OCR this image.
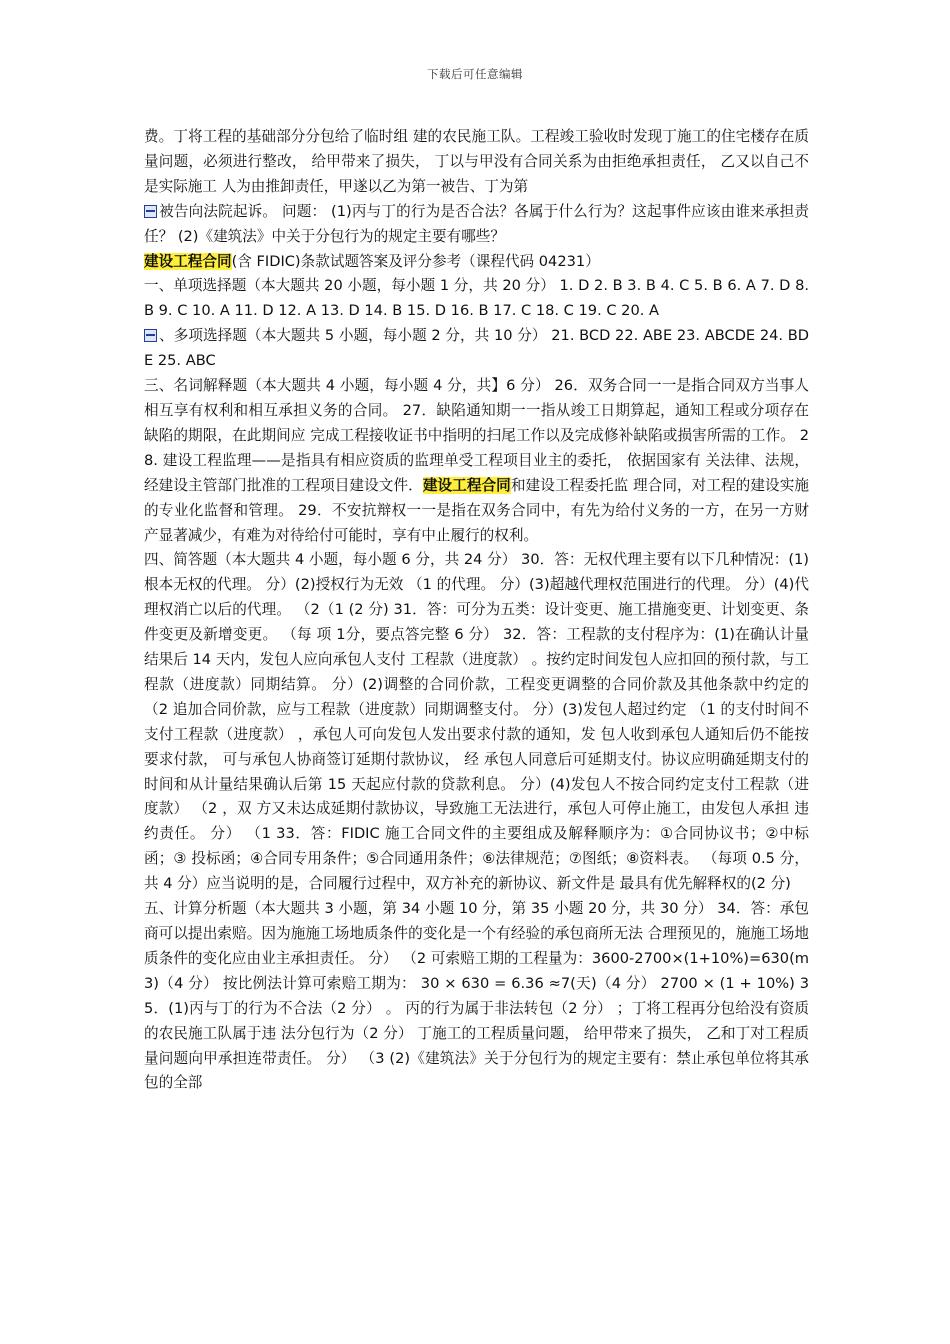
下载后可任意编辑

费。丁将工程的基础部分分包给了临时组 建的农民施工队。工程竣工验收时发现丁施工的住宅楼存在质量问题，必须进行整改， 给甲带来了损失， 丁以与甲没有合同关系为由拒绝承担责任， 乙又以自己不是实际施工 人为由推卸责任，甲遂以乙为第一被告、丁为第

被告向法院起诉。 问题： (1)丙与丁的行为是否合法？各属于什么行为？这起事件应该由谁来承担责任？ (2)《建筑法》中关于分包行为的规定主要有哪些？

建设工程合同(含 FIDIC)条款试题答案及评分参考（课程代码 04231）

一、单项选择题（本大题共 20 小题，每小题 1 分，共 20 分） 1. D 2. B 3. B 4. C 5. B 6. A 7. D 8. B 9. C 10. A 11. D 12. A 13. D 14. B 15. D 16. B 17. C 18. C 19. C 20. A

、多项选择题（本大题共 5 小题，每小题 2 分，共 10 分） 21. BCD 22. ABE 23. ABCDE 24. BDE 25. ABC

三、名词解释题（本大题共 4 小题，每小题 4 分，共】6 分） 26．双务合同一一是指合同双方当事人相互享有权利和相互承担义务的合同。 27．缺陷通知期一一指从竣工日期算起，通知工程或分项存在缺陷的期限，在此期间应 完成工程接收证书中指明的扫尾工作以及完成修补缺陷或损害所需的工作。 28. 建设工程监理——是指具有相应资质的监理单受工程项目业主的委托， 依据国家有 关法律、法规，经建设主管部门批准的工程项目建设文件．建设工程合同和建设工程委托监 理合同，对工程的建设实施的专业化监督和管理。 29．不安抗辩权一一是指在双务合同中，有先为给付义务的一方，在另一方财产显著减少，有难为对待给付可能时，享有中止履行的权利。

四、简答题（本大题共 4 小题，每小题 6 分，共 24 分） 30．答：无权代理主要有以下几种情况：(1)根本无权的代理。 分）(2)授权行为无效 （1 的代理。 分）(3)超越代理权范围进行的代理。 分）(4)代理权消亡以后的代理。 （2（1 (2 分) 31．答：可分为五类：设计变更、施工措施变更、计划变更、条件变更及新增变更。 （每 项 1分，要点答完整 6 分） 32．答：工程款的支付程序为：(1)在确认计量结果后 14 天内，发包人应向承包人支付 工程款（进度款） 。按约定时间发包人应扣回的预付款，与工程款（进度款）同期结算。 分）(2)调整的合同价款，工程变更调整的合同价款及其他条款中约定的 （2 追加合同价款，应与工程款（进度款）同期调整支付。 分）(3)发包人超过约定 （1 的支付时间不支付工程款（进度款） ，承包人可向发包人发出要求付款的通知，发 包人收到承包人通知后仍不能按要求付款， 可与承包人协商签订延期付款协议， 经 承包人同意后可延期支付。协议应明确延期支付的时间和从计量结果确认后第 15 天起应付款的贷款利息。 分）(4)发包人不按合同约定支付工程款（进度款） （2 ，双 方又未达成延期付款协议，导致施工无法进行，承包人可停止施工，由发包人承担 违约责任。 分） （1 33．答：FIDIC 施工合同文件的主要组成及解释顺序为：①合同协议书；②中标函；③ 投标函；④合同专用条件；⑤合同通用条件；⑥法律规范；⑦图纸；⑧资料表。 （每项 0.5 分，共 4 分）应当说明的是，合同履行过程中，双方补充的新协议、新文件是 最具有优先解释权的(2 分)

五、计算分析题（本大题共 3 小题，第 34 小题 10 分，第 35 小题 20 分，共 30 分） 34．答：承包商可以提出索赔。因为施施工场地质条件的变化是一个有经验的承包商所无法 合理预见的，施施工场地质条件的变化应由业主承担责任。 分） （2 可索赔工期的工程量为：3600-2700×(1+10%)=630(m3)（4 分） 按比例法计算可索赔工期为： 30 × 630 = 6.36 ≈7(天)（4 分） 2700 × (1 + 10%) 35．(1)丙与丁的行为不合法（2 分） 。 丙的行为属于非法转包（2 分） ；丁将工程再分包给没有资质的农民施工队属于违 法分包行为（2 分） 丁施工的工程质量问题， 给甲带来了损失， 乙和丁对工程质量问题向甲承担连带责任。 分） （3 (2)《建筑法》关于分包行为的规定主要有：禁止承包单位将其承包的全部
